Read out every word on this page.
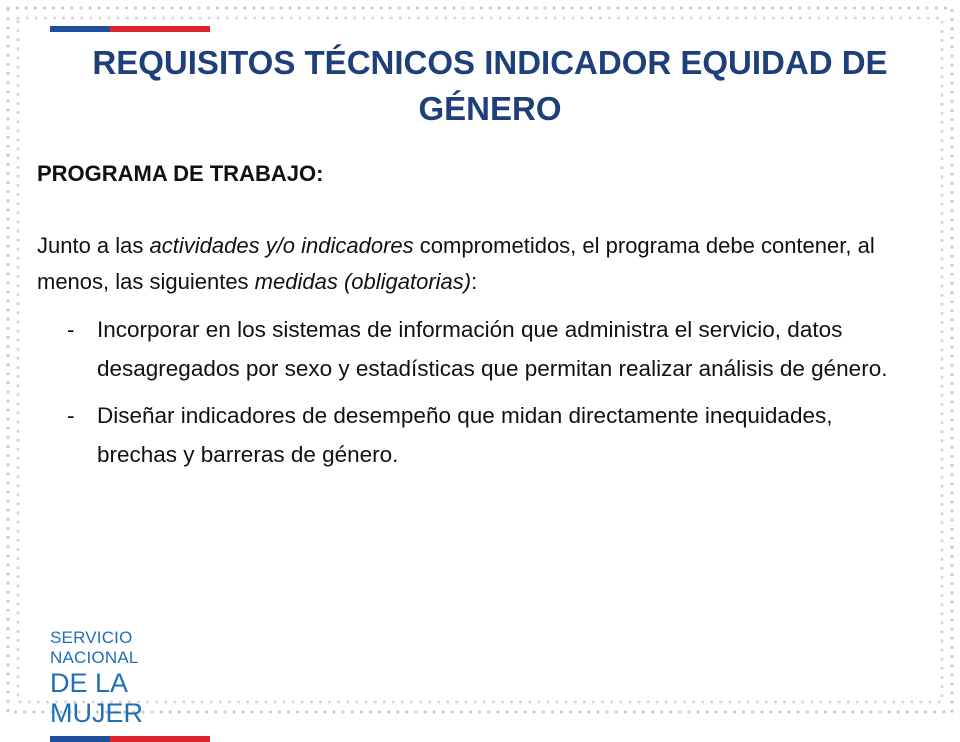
REQUISITOS TÉCNICOS INDICADOR EQUIDAD DE GÉNERO

PROGRAMA DE TRABAJO:

Junto a las actividades y/o indicadores comprometidos, el programa debe contener, al menos, las siguientes medidas (obligatorias):

- Incorporar en los sistemas de información que administra el servicio, datos desagregados por sexo y estadísticas que permitan realizar análisis de género.
- Diseñar indicadores de desempeño que midan directamente inequidades, brechas y barreras de género.
SERVICIO NACIONAL
DE LA MUJER
